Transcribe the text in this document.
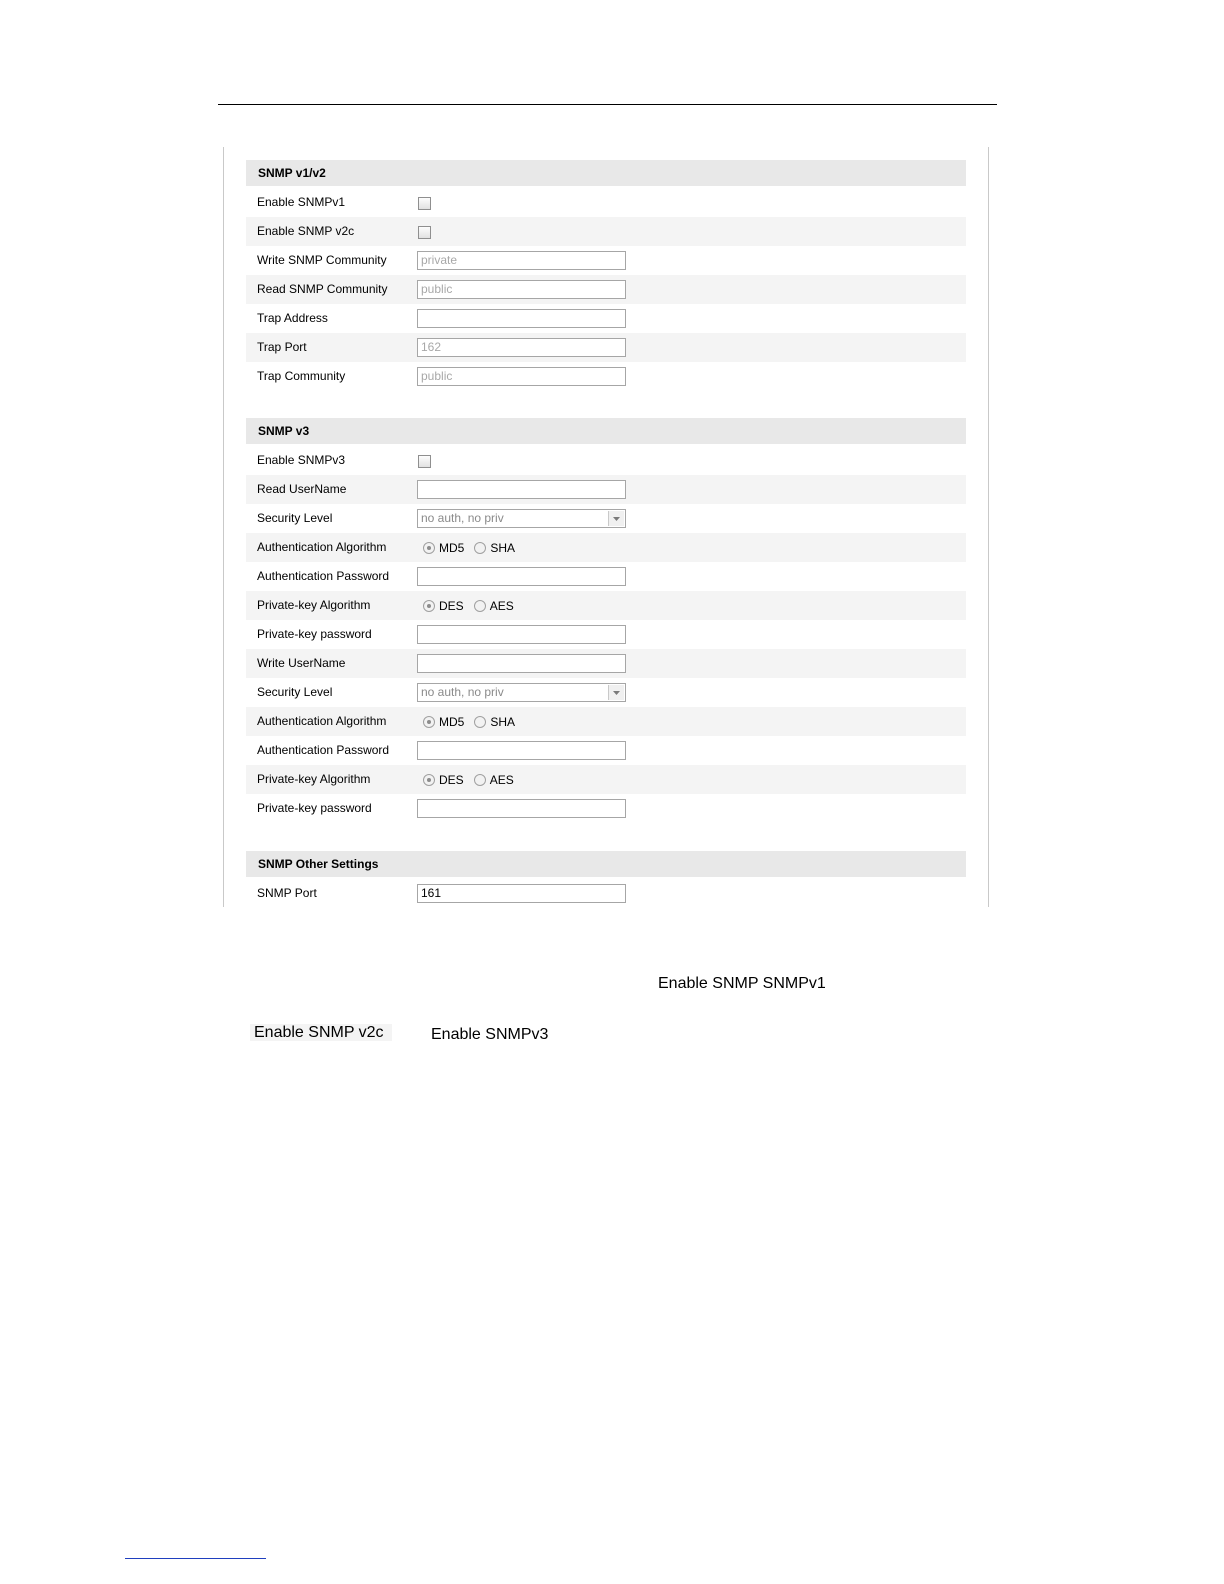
SNMP v1/v2
Enable SNMPv1
Enable SNMP v2c
Write SNMP Community	private
Read SNMP Community	public
Trap Address
Trap Port	162
Trap Community	public
SNMP v3
Enable SNMPv3
Read UserName
Security Level	no auth, no priv
Authentication Algorithm	MD5 SHA
Authentication Password
Private-key Algorithm	DES AES
Private-key password
Write UserName
Security Level	no auth, no priv
Authentication Algorithm	MD5 SHA
Authentication Password
Private-key Algorithm	DES AES
Private-key password
SNMP Other Settings
SNMP Port	161
Enable SNMP SNMPv1
Enable SNMP v2c	Enable SNMPv3
